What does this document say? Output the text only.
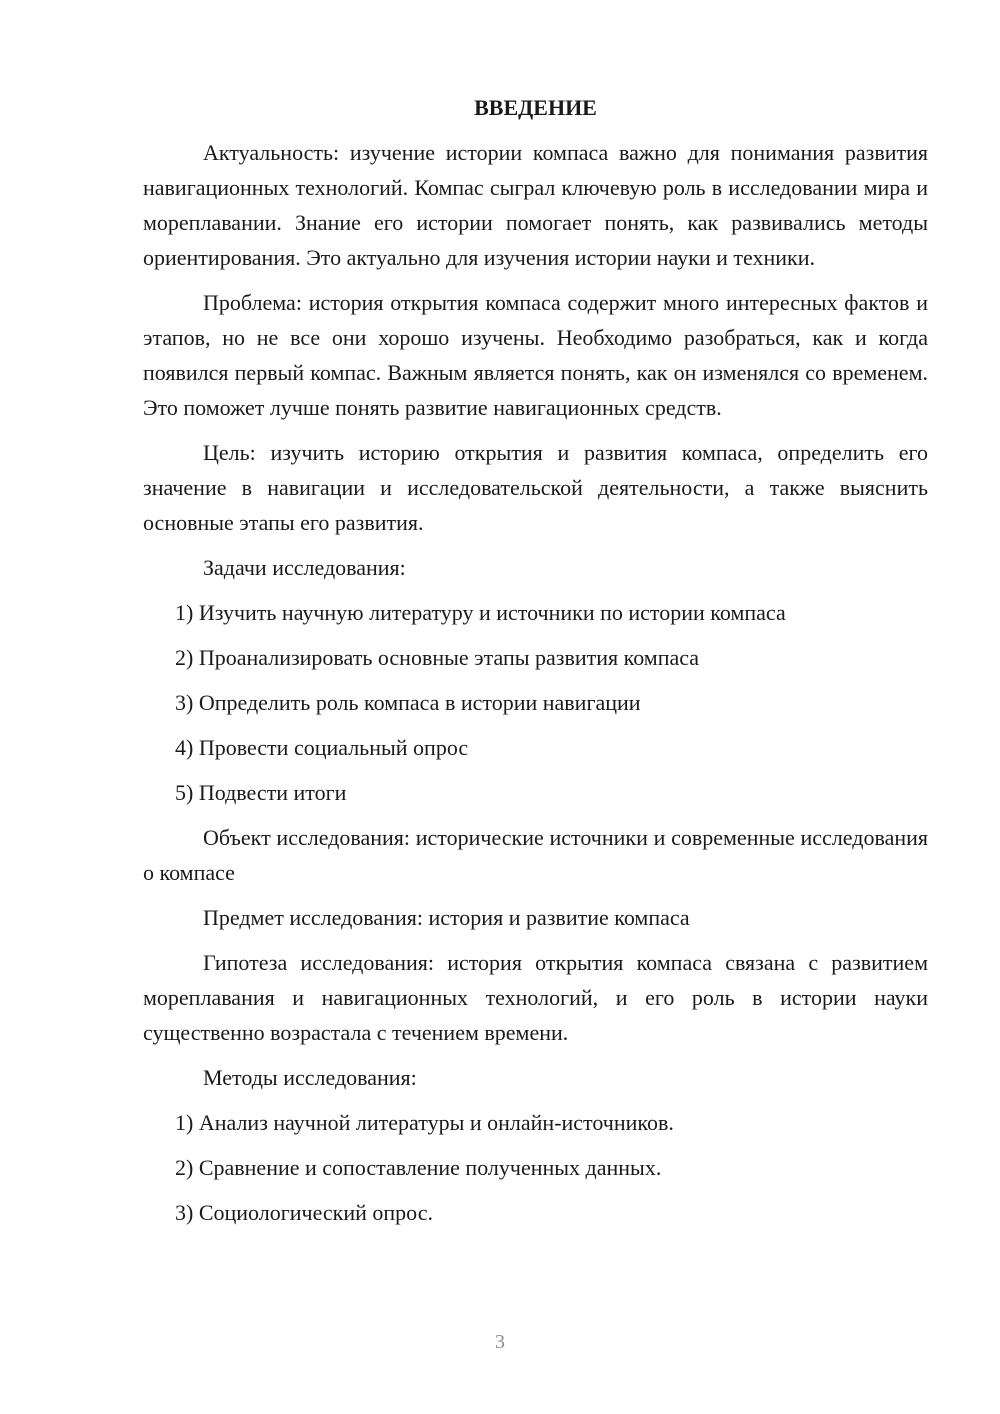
ВВЕДЕНИЕ

Актуальность: изучение истории компаса важно для понимания развития навигационных технологий. Компас сыграл ключевую роль в исследовании мира и мореплавании. Знание его истории помогает понять, как развивались методы ориентирования. Это актуально для изучения истории науки и техники.

Проблема: история открытия компаса содержит много интересных фактов и этапов, но не все они хорошо изучены. Необходимо разобраться, как и когда появился первый компас. Важным является понять, как он изменялся со временем. Это поможет лучше понять развитие навигационных средств.

Цель: изучить историю открытия и развития компаса, определить его значение в навигации и исследовательской деятельности, а также выяснить основные этапы его развития.

Задачи исследования:

1) Изучить научную литературу и источники по истории компаса

2) Проанализировать основные этапы развития компаса

3) Определить роль компаса в истории навигации

4) Провести социальный опрос

5) Подвести итоги

Объект исследования: исторические источники и современные исследования о компасе

Предмет исследования: история и развитие компаса

Гипотеза исследования: история открытия компаса связана с развитием мореплавания и навигационных технологий, и его роль в истории науки существенно возрастала с течением времени.

Методы исследования:

1) Анализ научной литературы и онлайн-источников.

2) Сравнение и сопоставление полученных данных.

3) Социологический опрос.

3
